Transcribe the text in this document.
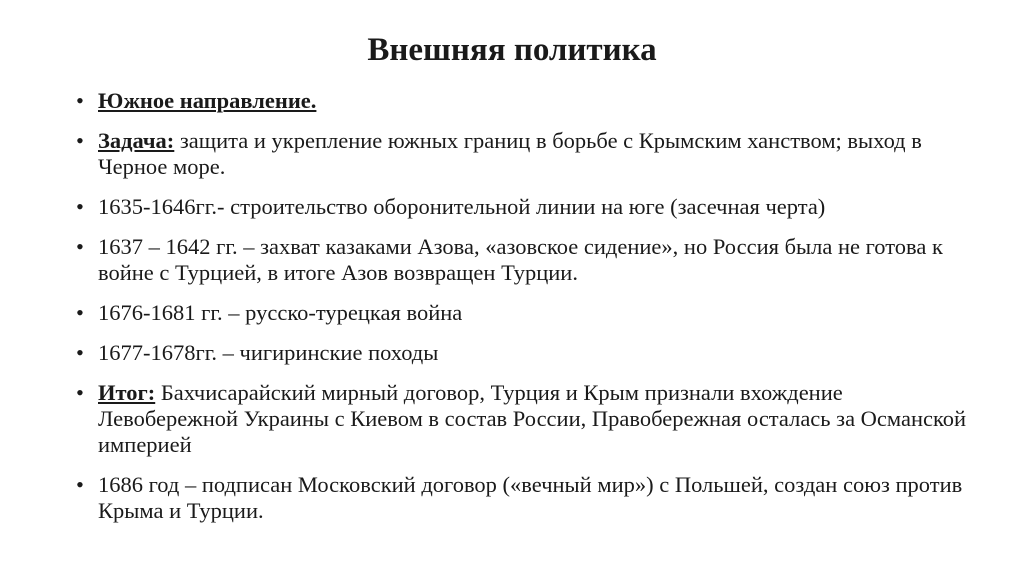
Внешняя политика
• Южное направление.
• Задача: защита и укрепление южных границ в борьбе с Крымским ханством; выход в Черное море.
• 1635-1646гг.- строительство оборонительной линии на юге (засечная черта)
• 1637 – 1642 гг. – захват казаками Азова, «азовское сидение», но Россия была не готова к войне с Турцией, в итоге Азов возвращен Турции.
• 1676-1681 гг. – русско-турецкая война
• 1677-1678гг. – чигиринские походы
• Итог: Бахчисарайский мирный договор, Турция и Крым признали вхождение Левобережной Украины с Киевом в состав России, Правобережная осталась за Османской империей
• 1686 год – подписан Московский договор («вечный мир») с Польшей, создан союз против Крыма и Турции.
